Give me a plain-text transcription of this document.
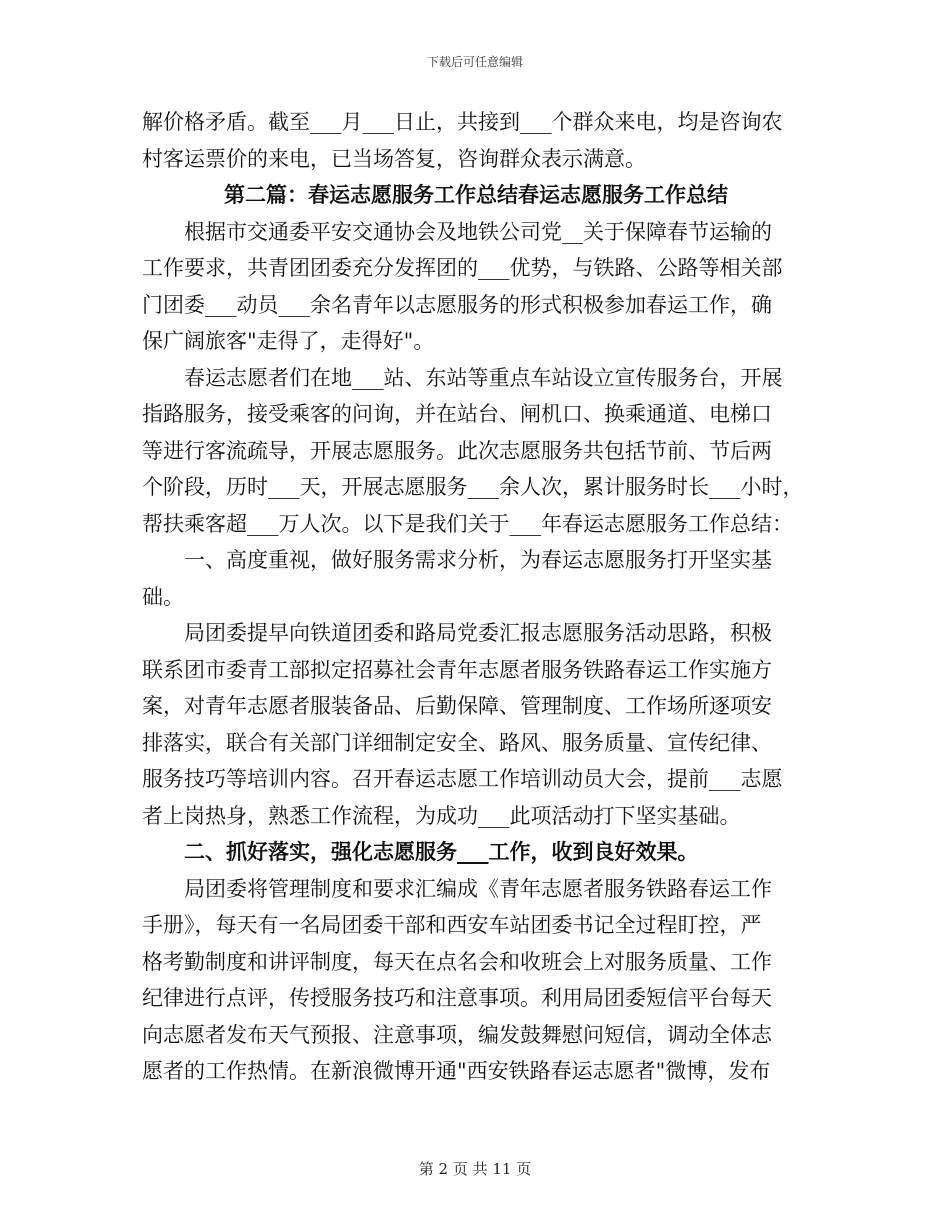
下载后可任意编辑
解价格矛盾。截至___月___日止，共接到___个群众来电，均是咨询农
村客运票价的来电，已当场答复，咨询群众表示满意。
第二篇：春运志愿服务工作总结春运志愿服务工作总结
根据市交通委平安交通协会及地铁公司党__关于保障春节运输的
工作要求，共青团团委充分发挥团的___优势，与铁路、公路等相关部
门团委___动员___余名青年以志愿服务的形式积极参加春运工作，确
保广阔旅客"走得了，走得好"。
春运志愿者们在地___站、东站等重点车站设立宣传服务台，开展
指路服务，接受乘客的问询，并在站台、闸机口、换乘通道、电梯口
等进行客流疏导，开展志愿服务。此次志愿服务共包括节前、节后两
个阶段，历时___天，开展志愿服务___余人次，累计服务时长___小时，
帮扶乘客超___万人次。以下是我们关于___年春运志愿服务工作总结：
一、高度重视，做好服务需求分析，为春运志愿服务打开坚实基
础。
局团委提早向铁道团委和路局党委汇报志愿服务活动思路，积极
联系团市委青工部拟定招募社会青年志愿者服务铁路春运工作实施方
案，对青年志愿者服装备品、后勤保障、管理制度、工作场所逐项安
排落实，联合有关部门详细制定安全、路风、服务质量、宣传纪律、
服务技巧等培训内容。召开春运志愿工作培训动员大会，提前___志愿
者上岗热身，熟悉工作流程，为成功___此项活动打下坚实基础。
二、抓好落实，强化志愿服务___工作，收到良好效果。
局团委将管理制度和要求汇编成《青年志愿者服务铁路春运工作
手册》，每天有一名局团委干部和西安车站团委书记全过程盯控，严
格考勤制度和讲评制度，每天在点名会和收班会上对服务质量、工作
纪律进行点评，传授服务技巧和注意事项。利用局团委短信平台每天
向志愿者发布天气预报、注意事项，编发鼓舞慰问短信，调动全体志
愿者的工作热情。在新浪微博开通"西安铁路春运志愿者"微博，发布
第 2 页 共 11 页
